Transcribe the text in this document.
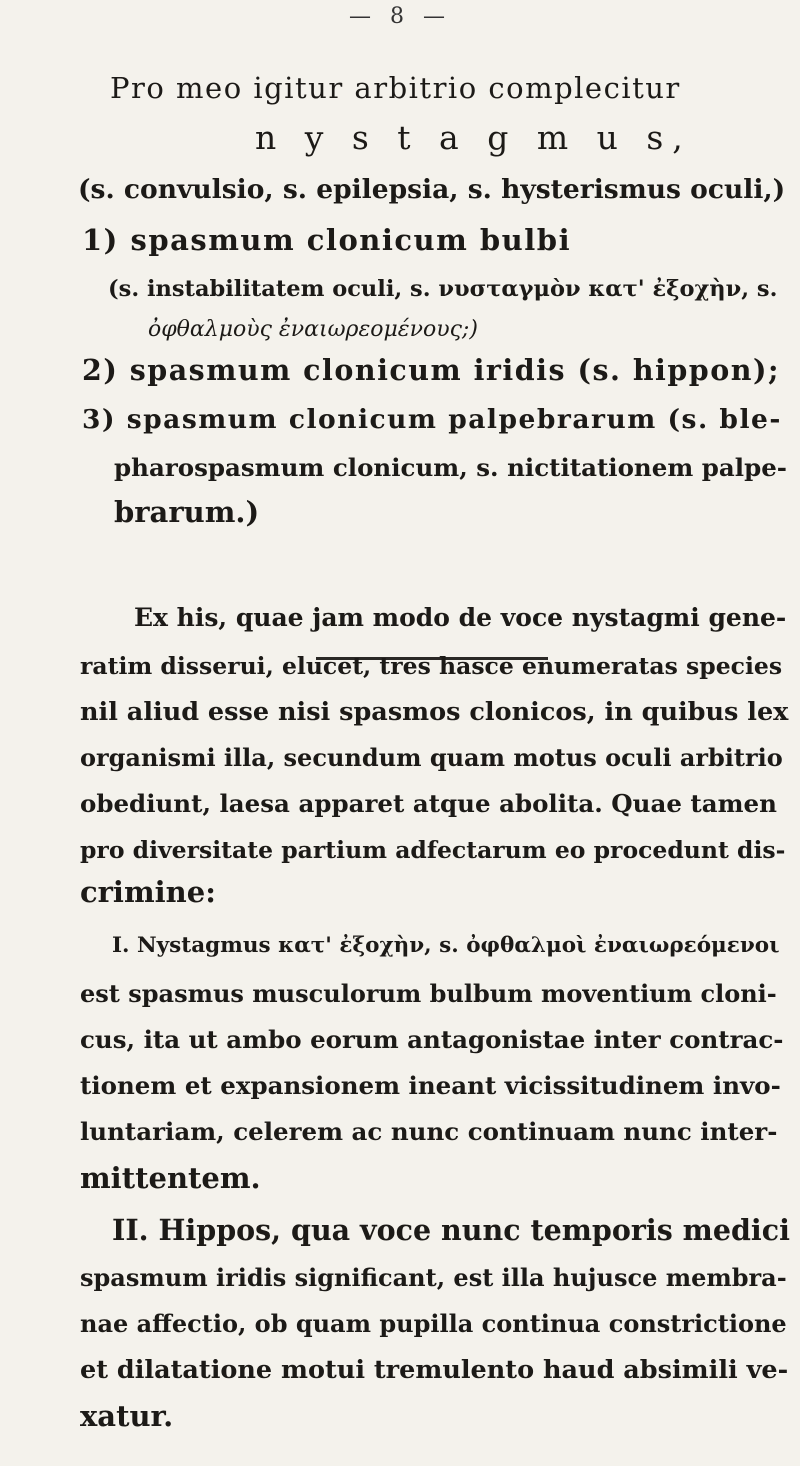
— 8 —
Pro meo igitur arbitrio complecitur
n y s t a g m u s,
(s. convulsio, s. epilepsia, s. hysterismus oculi,)
1) spasmum clonicum bulbi
(s. instabilitatem oculi, s. νυσταγμὸν κατ' ἐξοχὴν, s.
ὀφθαλμοὺς ἐναιωρεομένους;)
2) spasmum clonicum iridis (s. hippon);
3) spasmum clonicum palpebrarum (s. ble-
pharospasmum clonicum, s. nictitationem palpe-
brarum.)
Ex his, quae jam modo de voce nystagmi gene-
ratim disserui, elucet, tres hasce enumeratas species
nil aliud esse nisi spasmos clonicos, in quibus lex
organismi illa, secundum quam motus oculi arbitrio
obediunt, laesa apparet atque abolita. Quae tamen
pro diversitate partium adfectarum eo procedunt dis-
crimine:
I. Nystagmus κατ' ἐξοχὴν, s. ὀφθαλμοὶ ἐναιωρεόμενοι
est spasmus musculorum bulbum moventium cloni-
cus, ita ut ambo eorum antagonistae inter contrac-
tionem et expansionem ineant vicissitudinem invo-
luntariam, celerem ac nunc continuam nunc inter-
mittentem.
II. Hippos, qua voce nunc temporis medici
spasmum iridis significant, est illa hujusce membra-
nae affectio, ob quam pupilla continua constrictione
et dilatatione motui tremulento haud absimili ve-
xatur.
